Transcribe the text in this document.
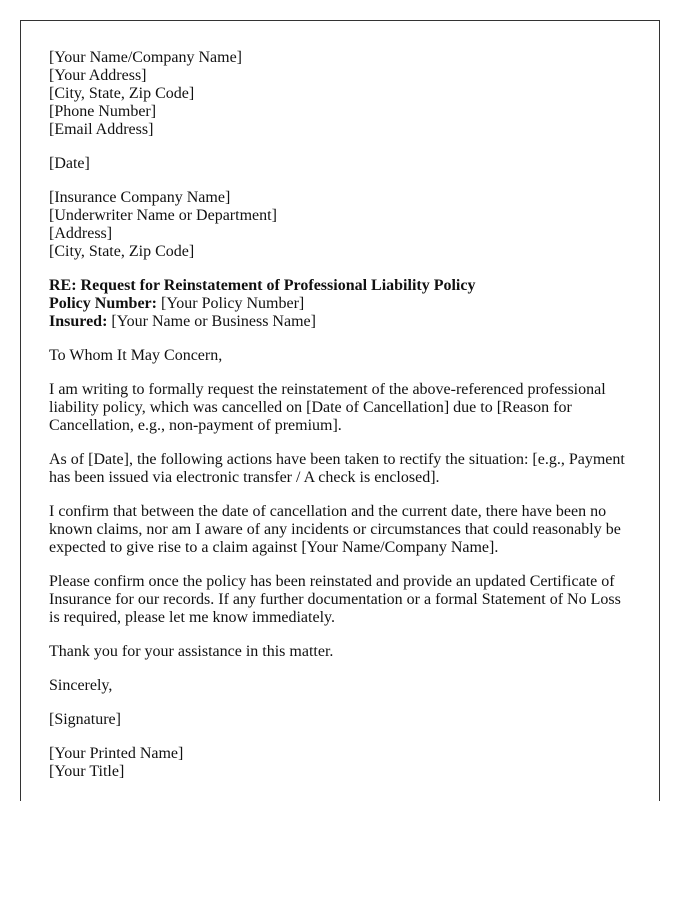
[Your Name/Company Name]
[Your Address]
[City, State, Zip Code]
[Phone Number]
[Email Address]
[Date]
[Insurance Company Name]
[Underwriter Name or Department]
[Address]
[City, State, Zip Code]
RE: Request for Reinstatement of Professional Liability Policy
Policy Number: [Your Policy Number]
Insured: [Your Name or Business Name]

To Whom It May Concern,

I am writing to formally request the reinstatement of the above-referenced professional liability policy, which was cancelled on [Date of Cancellation] due to [Reason for Cancellation, e.g., non-payment of premium].

As of [Date], the following actions have been taken to rectify the situation: [e.g., Payment has been issued via electronic transfer / A check is enclosed].

I confirm that between the date of cancellation and the current date, there have been no known claims, nor am I aware of any incidents or circumstances that could reasonably be expected to give rise to a claim against [Your Name/Company Name].

Please confirm once the policy has been reinstated and provide an updated Certificate of Insurance for our records. If any further documentation or a formal Statement of No Loss is required, please let me know immediately.

Thank you for your assistance in this matter.

Sincerely,

[Signature]

[Your Printed Name]
[Your Title]
